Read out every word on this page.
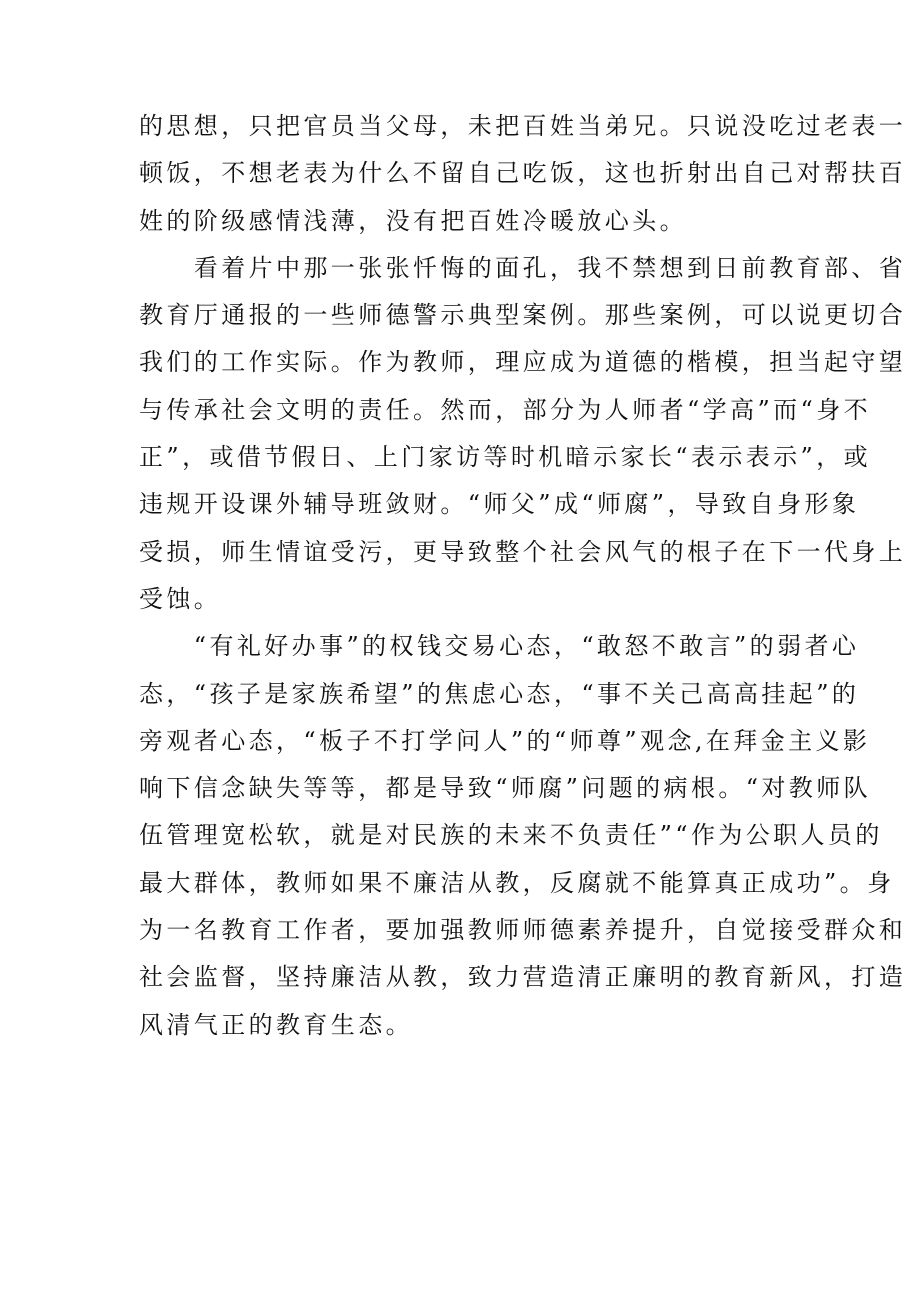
的思想，只把官员当父母，未把百姓当弟兄。只说没吃过老表一
顿饭，不想老表为什么不留自己吃饭，这也折射出自己对帮扶百
姓的阶级感情浅薄，没有把百姓冷暖放心头。
　　看着片中那一张张忏悔的面孔，我不禁想到日前教育部、省
教育厅通报的一些师德警示典型案例。那些案例，可以说更切合
我们的工作实际。作为教师，理应成为道德的楷模，担当起守望
与传承社会文明的责任。然而，部分为人师者“学高”而“身不
正”，或借节假日、上门家访等时机暗示家长“表示表示”，或
违规开设课外辅导班敛财。“师父”成“师腐”，导致自身形象
受损，师生情谊受污，更导致整个社会风气的根子在下一代身上
受蚀。
　　“有礼好办事”的权钱交易心态，“敢怒不敢言”的弱者心
态，“孩子是家族希望”的焦虑心态，“事不关己高高挂起”的
旁观者心态，“板子不打学问人”的“师尊”观念,在拜金主义影
响下信念缺失等等，都是导致“师腐”问题的病根。“对教师队
伍管理宽松软，就是对民族的未来不负责任”“作为公职人员的
最大群体，教师如果不廉洁从教，反腐就不能算真正成功”。身
为一名教育工作者，要加强教师师德素养提升，自觉接受群众和
社会监督，坚持廉洁从教，致力营造清正廉明的教育新风，打造
风清气正的教育生态。
